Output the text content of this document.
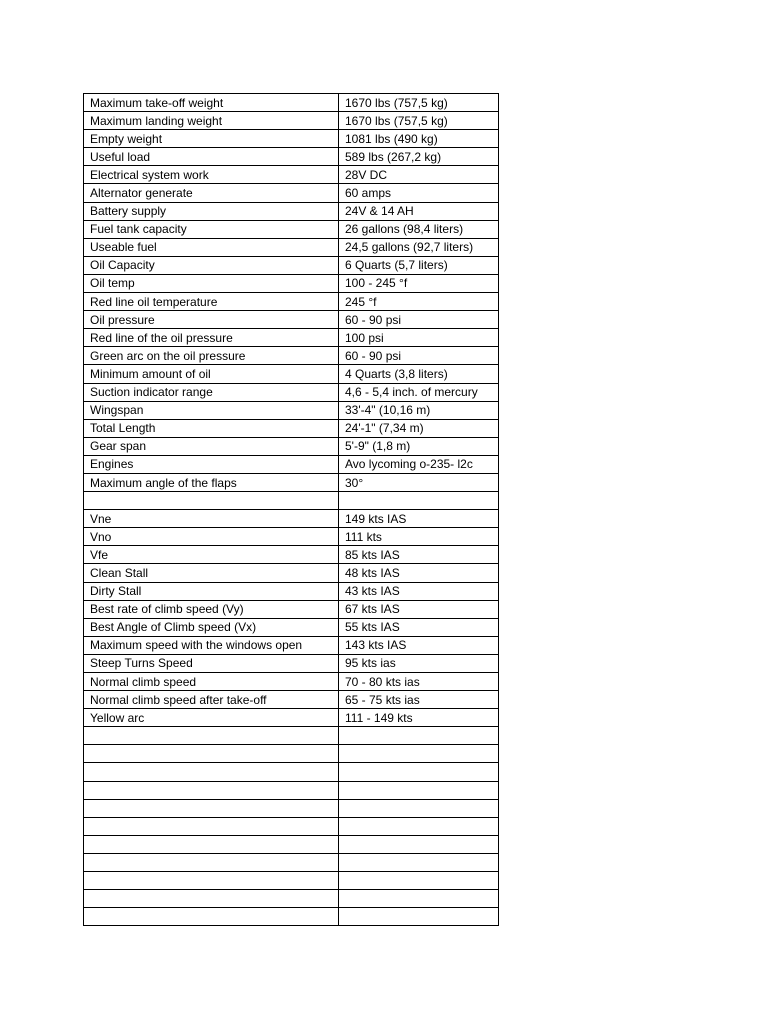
Maximum take-off weight	1670 lbs (757,5 kg)
Maximum landing weight	1670 lbs (757,5 kg)
Empty weight	1081 lbs (490 kg)
Useful load	589 lbs (267,2 kg)
Electrical system work	28V DC
Alternator generate	60 amps
Battery supply	24V & 14 AH
Fuel tank capacity	26 gallons (98,4 liters)
Useable fuel	24,5 gallons (92,7 liters)
Oil Capacity	6 Quarts (5,7 liters)
Oil temp	100 - 245 °f
Red line oil temperature	245 °f
Oil pressure	60 - 90 psi
Red line of the oil pressure	100 psi
Green arc on the oil pressure	60 - 90 psi
Minimum amount of oil	4 Quarts (3,8 liters)
Suction indicator range	4,6 - 5,4 inch. of mercury
Wingspan	33'-4" (10,16 m)
Total Length	24'-1" (7,34 m)
Gear span	5'-9" (1,8 m)
Engines	Avo lycoming o-235- l2c
Maximum angle of the flaps	30°

Vne	149 kts IAS
Vno	111 kts
Vfe	85 kts IAS
Clean Stall	48 kts IAS
Dirty Stall	43 kts IAS
Best rate of climb speed (Vy)	67 kts IAS
Best Angle of Climb speed (Vx)	55 kts IAS
Maximum speed with the windows open	143 kts IAS
Steep Turns Speed	95 kts ias
Normal climb speed	70 - 80 kts ias
Normal climb speed after take-off	65 - 75 kts ias
Yellow arc	111 - 149 kts
